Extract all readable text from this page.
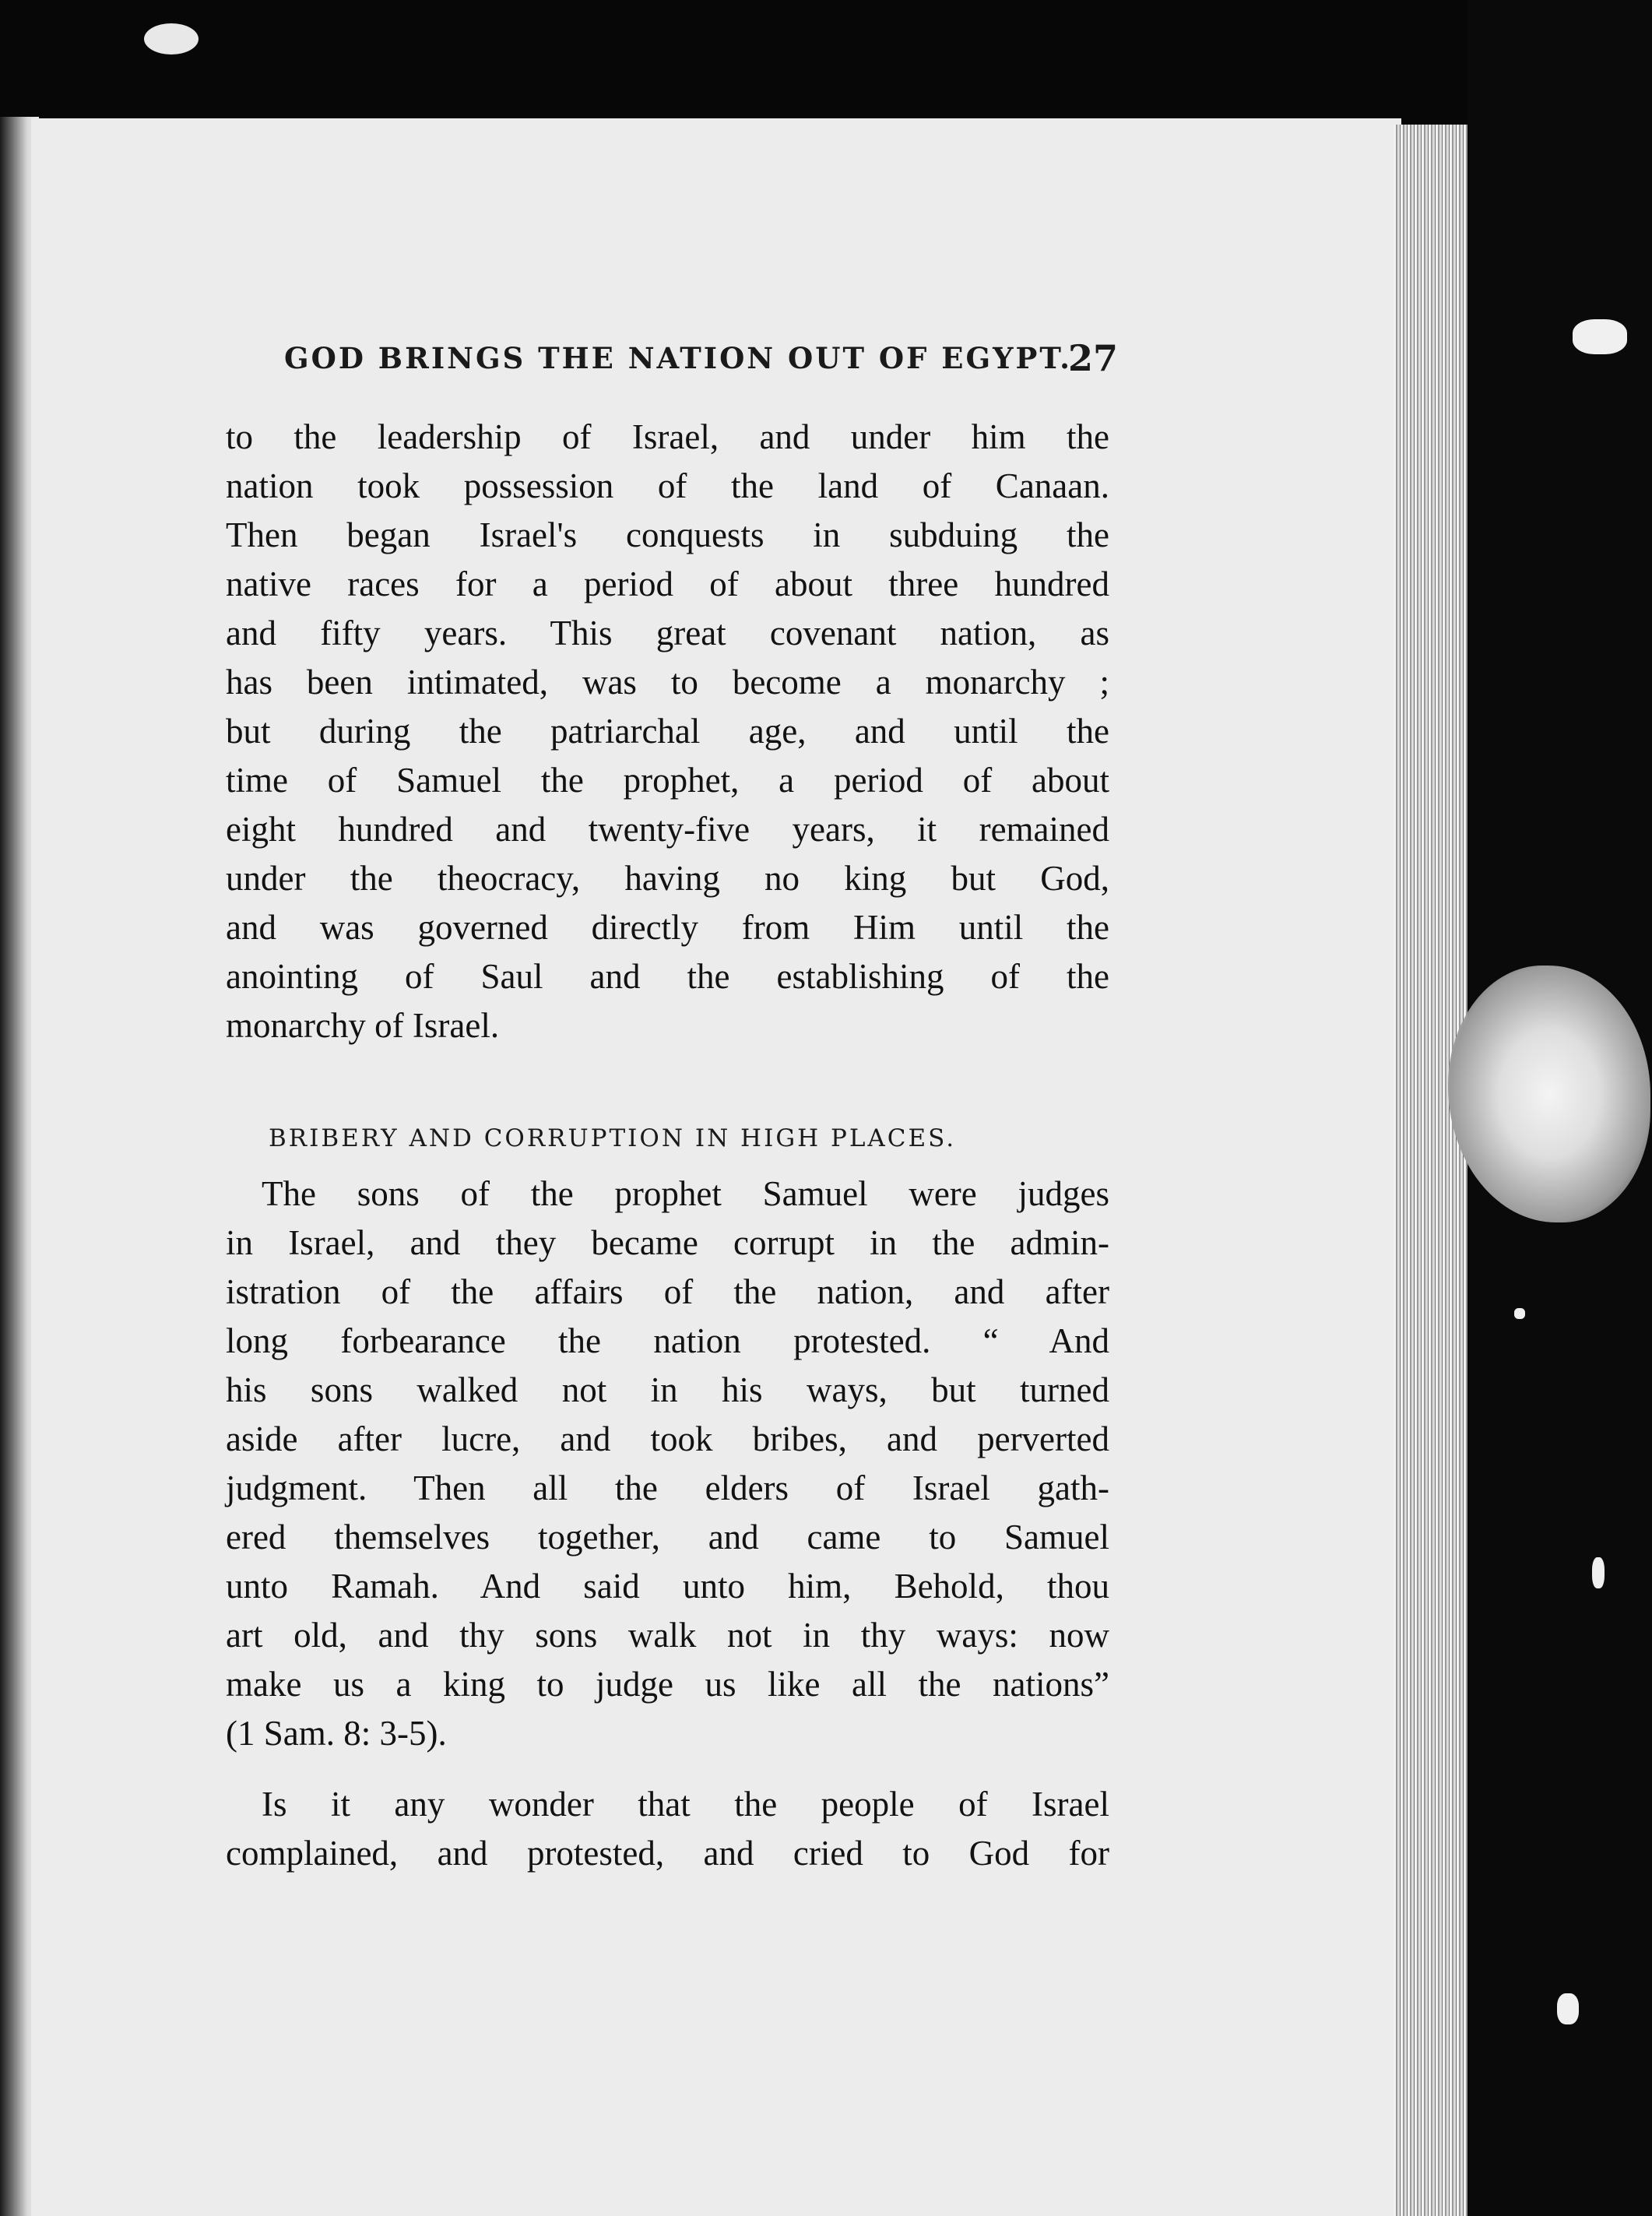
GOD BRINGS THE NATION OUT OF EGYPT.
27
to the leadership of Israel, and under him the
nation took possession of the land of Canaan.
Then began Israel's conquests in subduing the
native races for a period of about three hundred
and fifty years. This great covenant nation, as
has been intimated, was to become a monarchy ;
but during the patriarchal age, and until the
time of Samuel the prophet, a period of about
eight hundred and twenty-five years, it remained
under the theocracy, having no king but God,
and was governed directly from Him until the
anointing of Saul and the establishing of the
monarchy of Israel.
BRIBERY AND CORRUPTION IN HIGH PLACES.
The sons of the prophet Samuel were judges
in Israel, and they became corrupt in the admin-
istration of the affairs of the nation, and after
long forbearance the nation protested. “ And
his sons walked not in his ways, but turned
aside after lucre, and took bribes, and perverted
judgment. Then all the elders of Israel gath-
ered themselves together, and came to Samuel
unto Ramah. And said unto him, Behold, thou
art old, and thy sons walk not in thy ways: now
make us a king to judge us like all the nations”
(1 Sam. 8: 3-5).
Is it any wonder that the people of Israel
complained, and protested, and cried to God for
